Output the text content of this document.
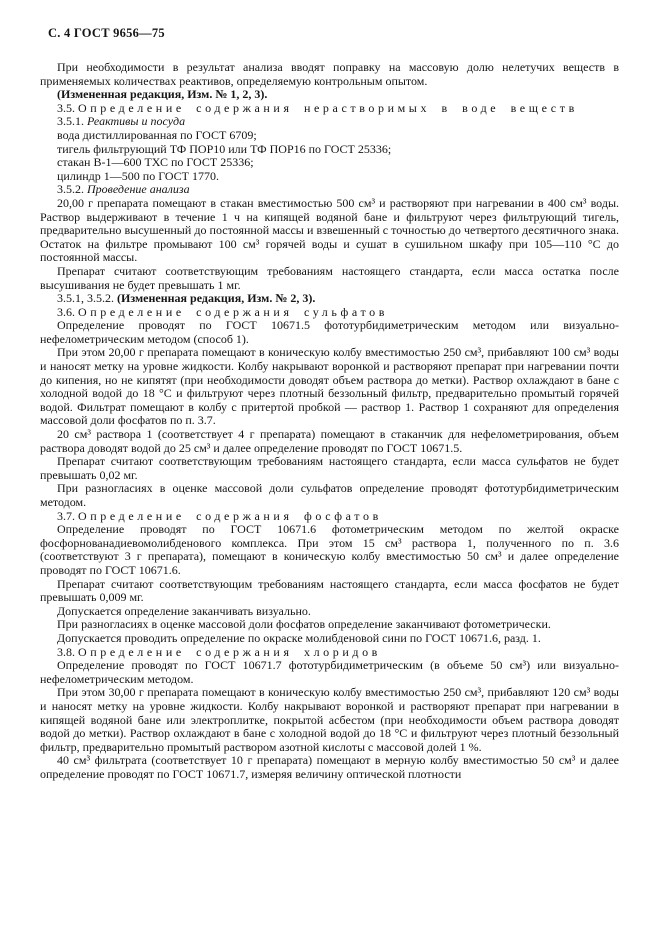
С. 4 ГОСТ 9656—75

При необходимости в результат анализа вводят поправку на массовую долю нелетучих веществ в применяемых количествах реактивов, определяемую контрольным опытом.

(Измененная редакция, Изм. № 1, 2, 3).

3.5. Определение содержания нерастворимых в воде веществ

3.5.1. Реактивы и посуда

вода дистиллированная по ГОСТ 6709;

тигель фильтрующий ТФ ПОР10 или ТФ ПОР16 по ГОСТ 25336;

стакан В-1—600 ТХС по ГОСТ 25336;

цилиндр 1—500 по ГОСТ 1770.

3.5.2. Проведение анализа

20,00 г препарата помещают в стакан вместимостью 500 см³ и растворяют при нагревании в 400 см³ воды. Раствор выдерживают в течение 1 ч на кипящей водяной бане и фильтруют через фильтрующий тигель, предварительно высушенный до постоянной массы и взвешенный с точностью до четвертого десятичного знака. Остаток на фильтре промывают 100 см³ горячей воды и сушат в сушильном шкафу при 105—110 °С до постоянной массы.

Препарат считают соответствующим требованиям настоящего стандарта, если масса остатка после высушивания не будет превышать 1 мг.

3.5.1, 3.5.2. (Измененная редакция, Изм. № 2, 3).

3.6. Определение содержания сульфатов

Определение проводят по ГОСТ 10671.5 фототурбидиметрическим методом или визуально-нефелометрическим методом (способ 1).

При этом 20,00 г препарата помещают в коническую колбу вместимостью 250 см³, прибавляют 100 см³ воды и наносят метку на уровне жидкости. Колбу накрывают воронкой и растворяют препарат при нагревании почти до кипения, но не кипятят (при необходимости доводят объем раствора до метки). Раствор охлаждают в бане с холодной водой до 18 °С и фильтруют через плотный беззольный фильтр, предварительно промытый горячей водой. Фильтрат помещают в колбу с притертой пробкой — раствор 1. Раствор 1 сохраняют для определения массовой доли фосфатов по п. 3.7.

20 см³ раствора 1 (соответствует 4 г препарата) помещают в стаканчик для нефелометрирования, объем раствора доводят водой до 25 см³ и далее определение проводят по ГОСТ 10671.5.

Препарат считают соответствующим требованиям настоящего стандарта, если масса сульфатов не будет превышать 0,02 мг.

При разногласиях в оценке массовой доли сульфатов определение проводят фототурбидиметрическим методом.

3.7. Определение содержания фосфатов

Определение проводят по ГОСТ 10671.6 фотометрическим методом по желтой окраске фосфорнованадиевомолибденового комплекса. При этом 15 см³ раствора 1, полученного по п. 3.6 (соответствуют 3 г препарата), помещают в коническую колбу вместимостью 50 см³ и далее определение проводят по ГОСТ 10671.6.

Препарат считают соответствующим требованиям настоящего стандарта, если масса фосфатов не будет превышать 0,009 мг.

Допускается определение заканчивать визуально.

При разногласиях в оценке массовой доли фосфатов определение заканчивают фотометрически.

Допускается проводить определение по окраске молибденовой сини по ГОСТ 10671.6, разд. 1.

3.8. Определение содержания хлоридов

Определение проводят по ГОСТ 10671.7 фототурбидиметрическим (в объеме 50 см³) или визуально-нефелометрическим методом.

При этом 30,00 г препарата помещают в коническую колбу вместимостью 250 см³, прибавляют 120 см³ воды и наносят метку на уровне жидкости. Колбу накрывают воронкой и растворяют препарат при нагревании в кипящей водяной бане или электроплитке, покрытой асбестом (при необходимости объем раствора доводят водой до метки). Раствор охлаждают в бане с холодной водой до 18 °С и фильтруют через плотный беззольный фильтр, предварительно промытый раствором азотной кислоты с массовой долей 1 %.

40 см³ фильтрата (соответствует 10 г препарата) помещают в мерную колбу вместимостью 50 см³ и далее определение проводят по ГОСТ 10671.7, измеряя величину оптической плотности
